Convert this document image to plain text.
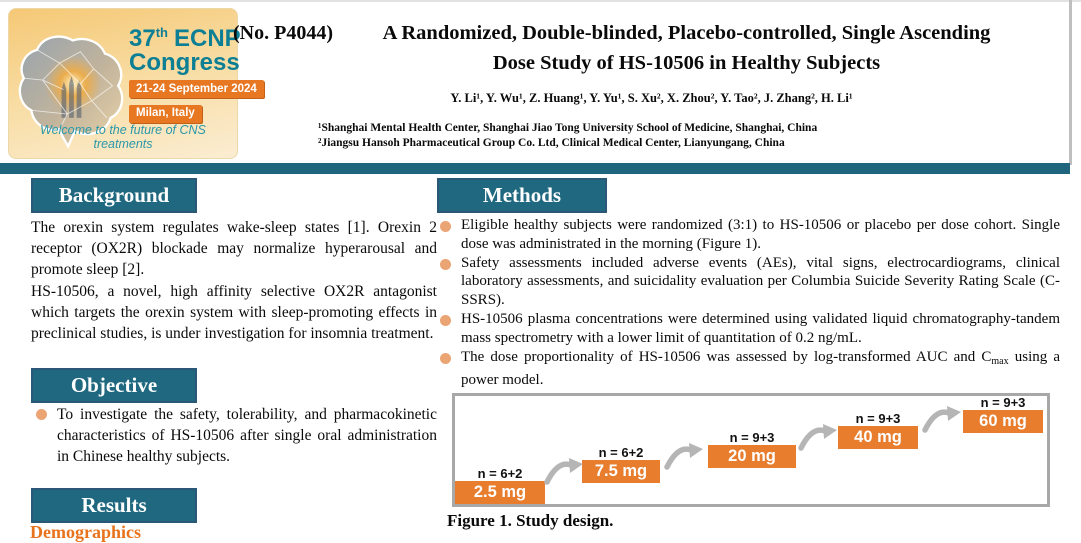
37th ECNP
Congress
21-24 September 2024
Milan, Italy
Welcome to the future of CNS treatments
(No. P4044)	A Randomized, Double-blinded, Placebo-controlled, Single Ascending
Dose Study of HS-10506 in Healthy Subjects
Y. Li¹, Y. Wu¹, Z. Huang¹, Y. Yu¹, S. Xu², X. Zhou², Y. Tao², J. Zhang², H. Li¹
¹Shanghai Mental Health Center, Shanghai Jiao Tong University School of Medicine, Shanghai, China
²Jiangsu Hansoh Pharmaceutical Group Co. Ltd, Clinical Medical Center, Lianyungang, China
Background

The orexin system regulates wake-sleep states [1]. Orexin 2 receptor (OX2R) blockade may normalize hyperarousal and promote sleep [2].

HS-10506, a novel, high affinity selective OX2R antagonist which targets the orexin system with sleep-promoting effects in preclinical studies, is under investigation for insomnia treatment.

Objective
To investigate the safety, tolerability, and pharmacokinetic characteristics of HS-10506 after single oral administration in Chinese healthy subjects.
Results
Demographics
Methods
Eligible healthy subjects were randomized (3:1) to HS-10506 or placebo per dose cohort. Single dose was administrated in the morning (Figure 1).
Safety assessments included adverse events (AEs), vital signs, electrocardiograms, clinical laboratory assessments, and suicidality evaluation per Columbia Suicide Severity Rating Scale (C-SSRS).
HS-10506 plasma concentrations were determined using validated liquid chromatography-tandem mass spectrometry with a lower limit of quantitation of 0.2 ng/mL.
The dose proportionality of HS-10506 was assessed by log-transformed AUC and $C_{max}$ using a power model.
n = 6+2
2.5 mg
n = 6+2
7.5 mg
n = 9+3
20 mg
n = 9+3
40 mg
n = 9+3
60 mg
Figure 1. Study design.
